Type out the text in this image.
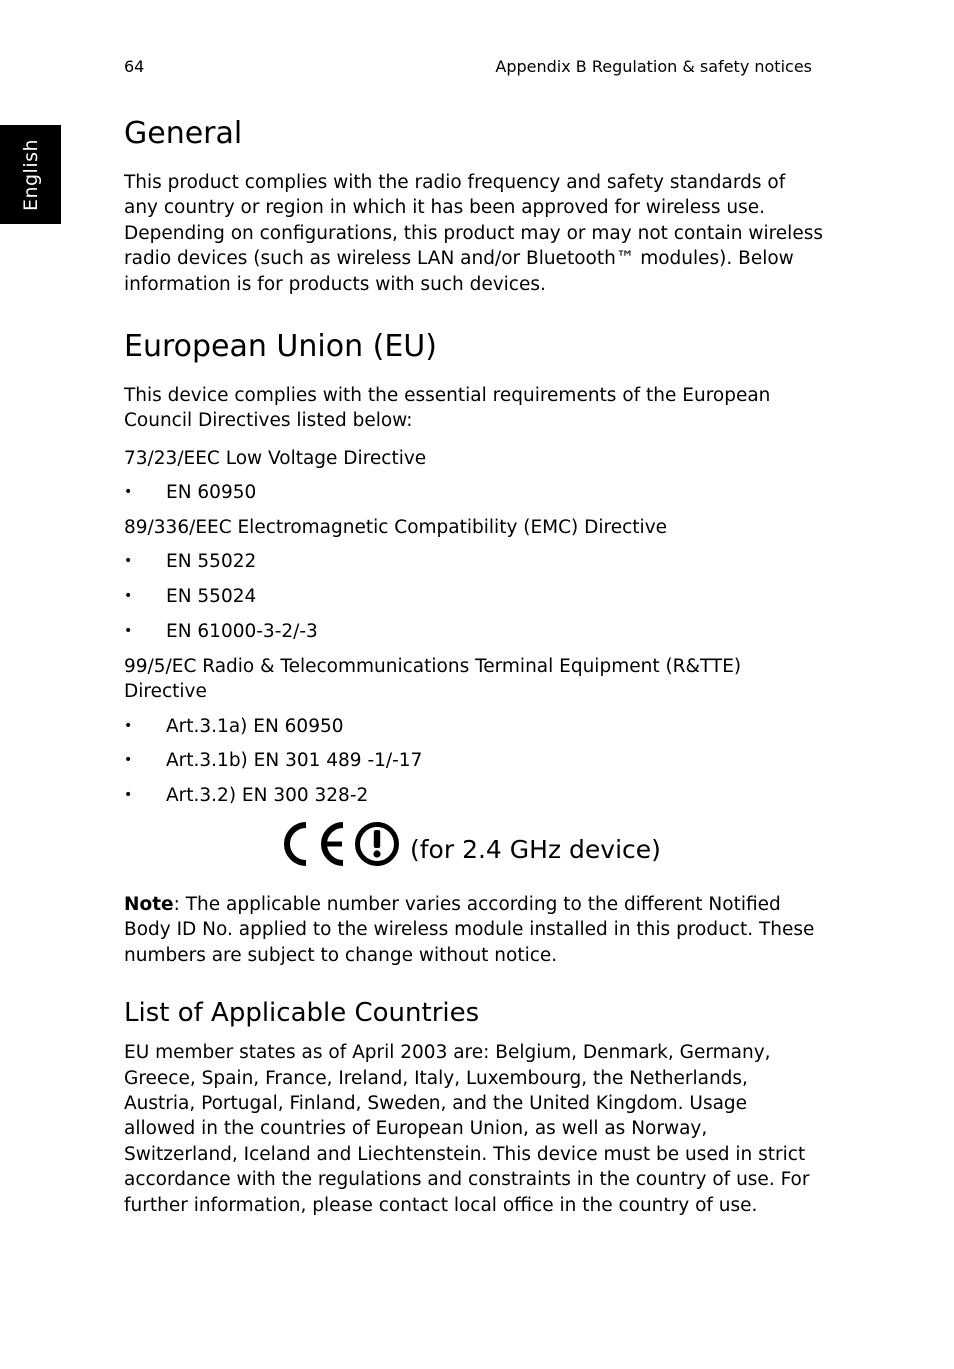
English
64	Appendix B Regulation & safety notices
General

This product complies with the radio frequency and safety standards of any country or region in which it has been approved for wireless use. Depending on configurations, this product may or may not contain wireless radio devices (such as wireless LAN and/or Bluetooth™ modules). Below information is for products with such devices.

European Union (EU)

This device complies with the essential requirements of the European Council Directives listed below:

73/23/EEC Low Voltage Directive

• EN 60950

89/336/EEC Electromagnetic Compatibility (EMC) Directive

• EN 55022
• EN 55024
• EN 61000-3-2/-3

99/5/EC Radio & Telecommunications Terminal Equipment (R&TTE) Directive

• Art.3.1a) EN 60950
• Art.3.1b) EN 301 489 -1/-17
• Art.3.2) EN 300 328-2
(for 2.4 GHz device)

Note: The applicable number varies according to the different Notified Body ID No. applied to the wireless module installed in this product. These numbers are subject to change without notice.

List of Applicable Countries

EU member states as of April 2003 are: Belgium, Denmark, Germany, Greece, Spain, France, Ireland, Italy, Luxembourg, the Netherlands, Austria, Portugal, Finland, Sweden, and the United Kingdom. Usage allowed in the countries of European Union, as well as Norway, Switzerland, Iceland and Liechtenstein. This device must be used in strict accordance with the regulations and constraints in the country of use. For further information, please contact local office in the country of use.
